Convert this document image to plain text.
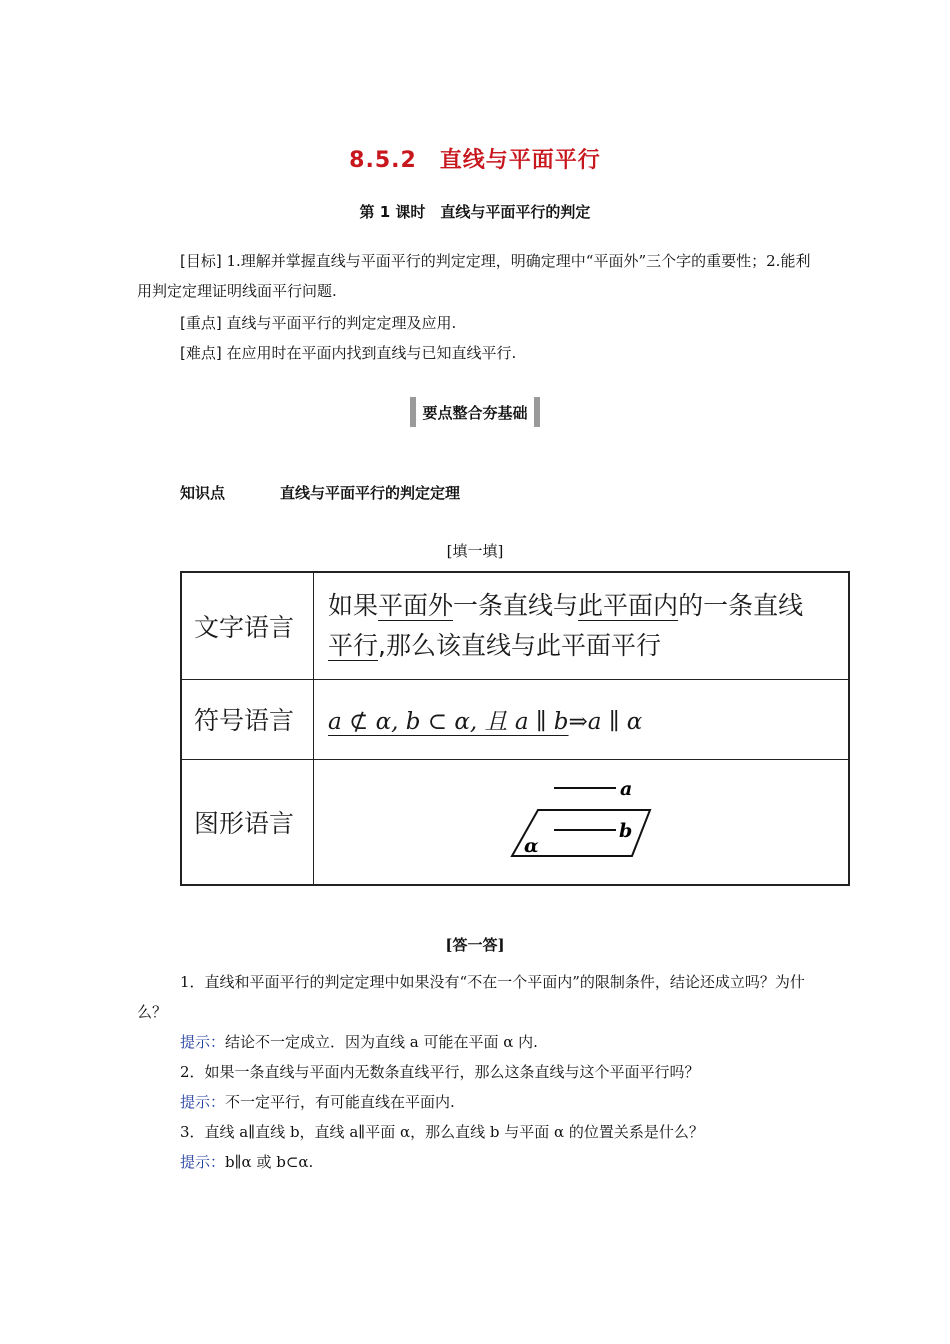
8.5.2　直线与平面平行
第 1 课时　直线与平面平行的判定
[目标] 1.理解并掌握直线与平面平行的判定定理，明确定理中“平面外”三个字的重要性；2.能利用判定定理证明线面平行问题.
[重点] 直线与平面平行的判定定理及应用.
[难点] 在应用时在平面内找到直线与已知直线平行.
要点整合夯基础
知识点	直线与平面平行的判定定理
[填一填]
文字语言	如果平面外一条直线与此平面内的一条直线
平行,那么该直线与此平面平行
符号语言	a ⊄ α, b ⊂ α, 且 a ∥ b⇒a ∥ α
图形语言	a
b
α
[答一答]
1．直线和平面平行的判定定理中如果没有“不在一个平面内”的限制条件，结论还成立吗？为什么？
提示：结论不一定成立．因为直线 a 可能在平面 α 内.
2．如果一条直线与平面内无数条直线平行，那么这条直线与这个平面平行吗？
提示：不一定平行，有可能直线在平面内.
3．直线 a∥直线 b，直线 a∥平面 α，那么直线 b 与平面 α 的位置关系是什么？
提示：b∥α 或 b⊂α.
